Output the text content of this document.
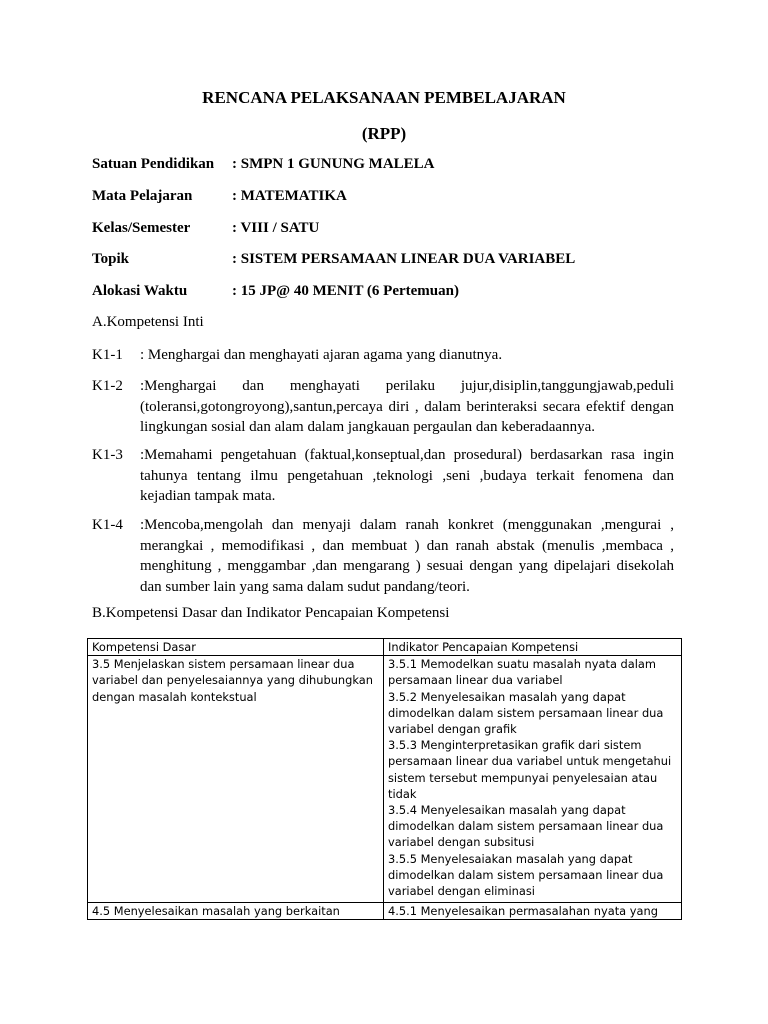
RENCANA PELAKSANAAN PEMBELAJARAN
(RPP)
Satuan Pendidikan : SMPN 1 GUNUNG MALELA
Mata Pelajaran	: MATEMATIKA
Kelas/Semester	: VIII / SATU
Topik	: SISTEM PERSAMAAN LINEAR DUA VARIABEL
Alokasi Waktu	: 15 JP@ 40 MENIT (6 Pertemuan)
A.Kompetensi Inti
K1-1 : Menghargai dan menghayati ajaran agama yang dianutnya.
K1-2 :Menghargai dan menghayati perilaku jujur,disiplin,tanggungjawab,peduli (toleransi,gotongroyong),santun,percaya diri , dalam berinteraksi secara efektif dengan lingkungan sosial dan alam dalam jangkauan pergaulan dan keberadaannya.
K1-3 :Memahami pengetahuan (faktual,konseptual,dan prosedural) berdasarkan rasa ingin tahunya tentang ilmu pengetahuan ,teknologi ,seni ,budaya terkait fenomena dan kejadian tampak mata.
K1-4 :Mencoba,mengolah dan menyaji dalam ranah konkret (menggunakan ,mengurai , merangkai , memodifikasi , dan membuat ) dan ranah abstak (menulis ,membaca , menghitung , menggambar ,dan mengarang ) sesuai dengan yang dipelajari disekolah dan sumber lain yang sama dalam sudut pandang/teori.
B.Kompetensi Dasar dan Indikator Pencapaian Kompetensi
Kompetensi Dasar	Indikator Pencapaian Kompetensi
3.5 Menjelaskan sistem persamaan linear dua variabel dan penyelesaiannya yang dihubungkan dengan masalah kontekstual	3.5.1 Memodelkan suatu masalah nyata dalam persamaan linear dua variabel
3.5.2 Menyelesaikan masalah yang dapat dimodelkan dalam sistem persamaan linear dua variabel dengan grafik
3.5.3 Menginterpretasikan grafik dari sistem persamaan linear dua variabel untuk mengetahui sistem tersebut mempunyai penyelesaian atau tidak
3.5.4 Menyelesaikan masalah yang dapat dimodelkan dalam sistem persamaan linear dua variabel dengan subsitusi
3.5.5 Menyelesaiakan masalah yang dapat dimodelkan dalam sistem persamaan linear dua variabel dengan eliminasi

4.5 Menyelesaikan masalah yang berkaitan	4.5.1 Menyelesaikan permasalahan nyata yang
